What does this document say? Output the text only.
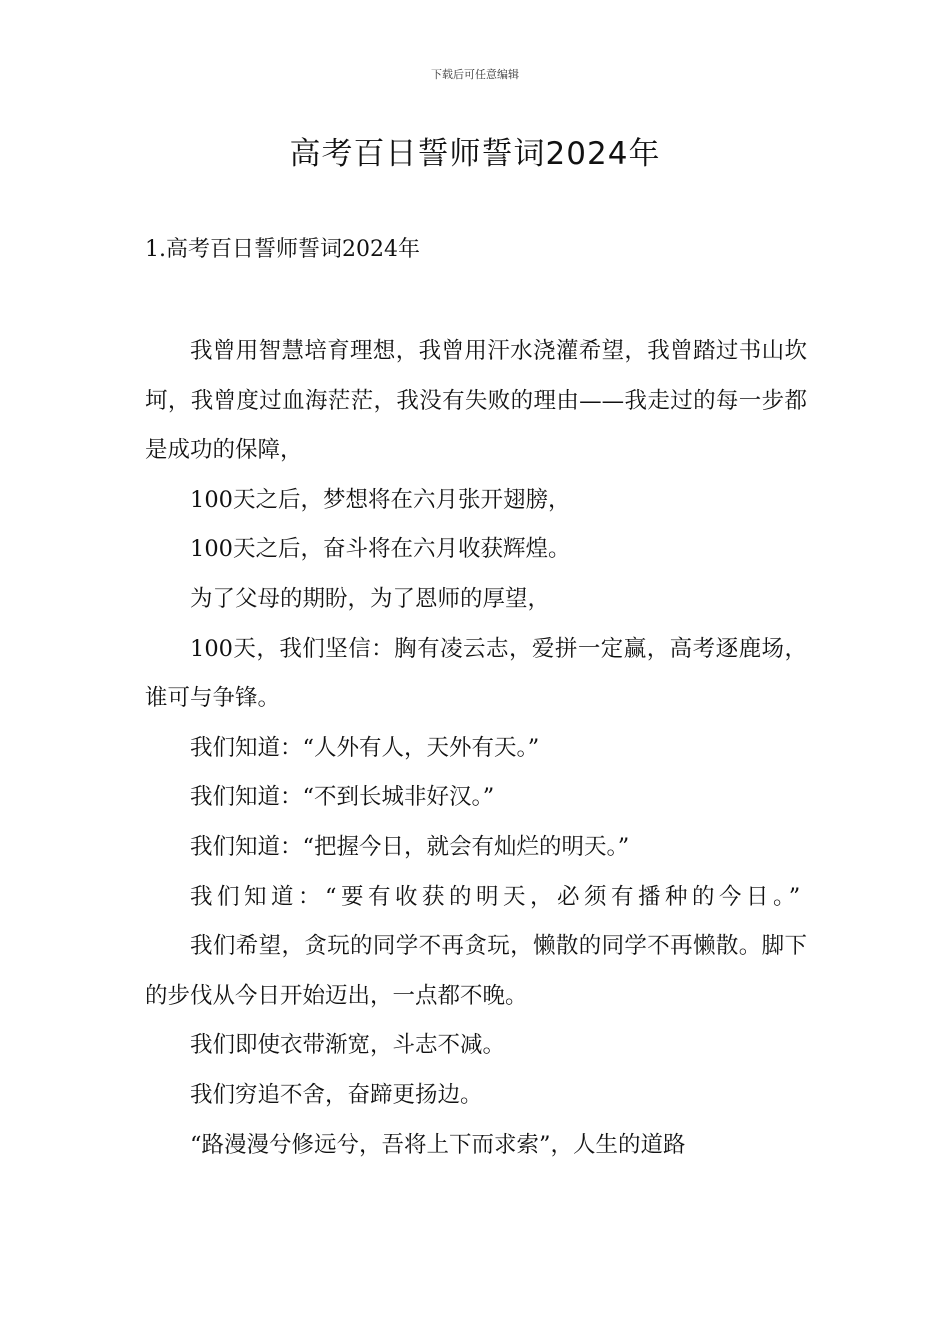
下载后可任意编辑
高考百日誓师誓词2024年
1.高考百日誓师誓词2024年

我曾用智慧培育理想，我曾用汗水浇灌希望，我曾踏过书山坎坷，我曾度过血海茫茫，我没有失败的理由——我走过的每一步都是成功的保障，

100天之后，梦想将在六月张开翅膀，

100天之后，奋斗将在六月收获辉煌。

为了父母的期盼，为了恩师的厚望，

100天，我们坚信：胸有凌云志，爱拼一定赢，高考逐鹿场，谁可与争锋。

我们知道：“人外有人，天外有天。”

我们知道：“不到长城非好汉。”

我们知道：“把握今日，就会有灿烂的明天。”

我们知道：“要有收获的明天，必须有播种的今日。”

我们希望，贪玩的同学不再贪玩，懒散的同学不再懒散。脚下的步伐从今日开始迈出，一点都不晚。

我们即使衣带渐宽，斗志不减。

我们穷追不舍，奋蹄更扬边。

“路漫漫兮修远兮，吾将上下而求索”，人生的道路
